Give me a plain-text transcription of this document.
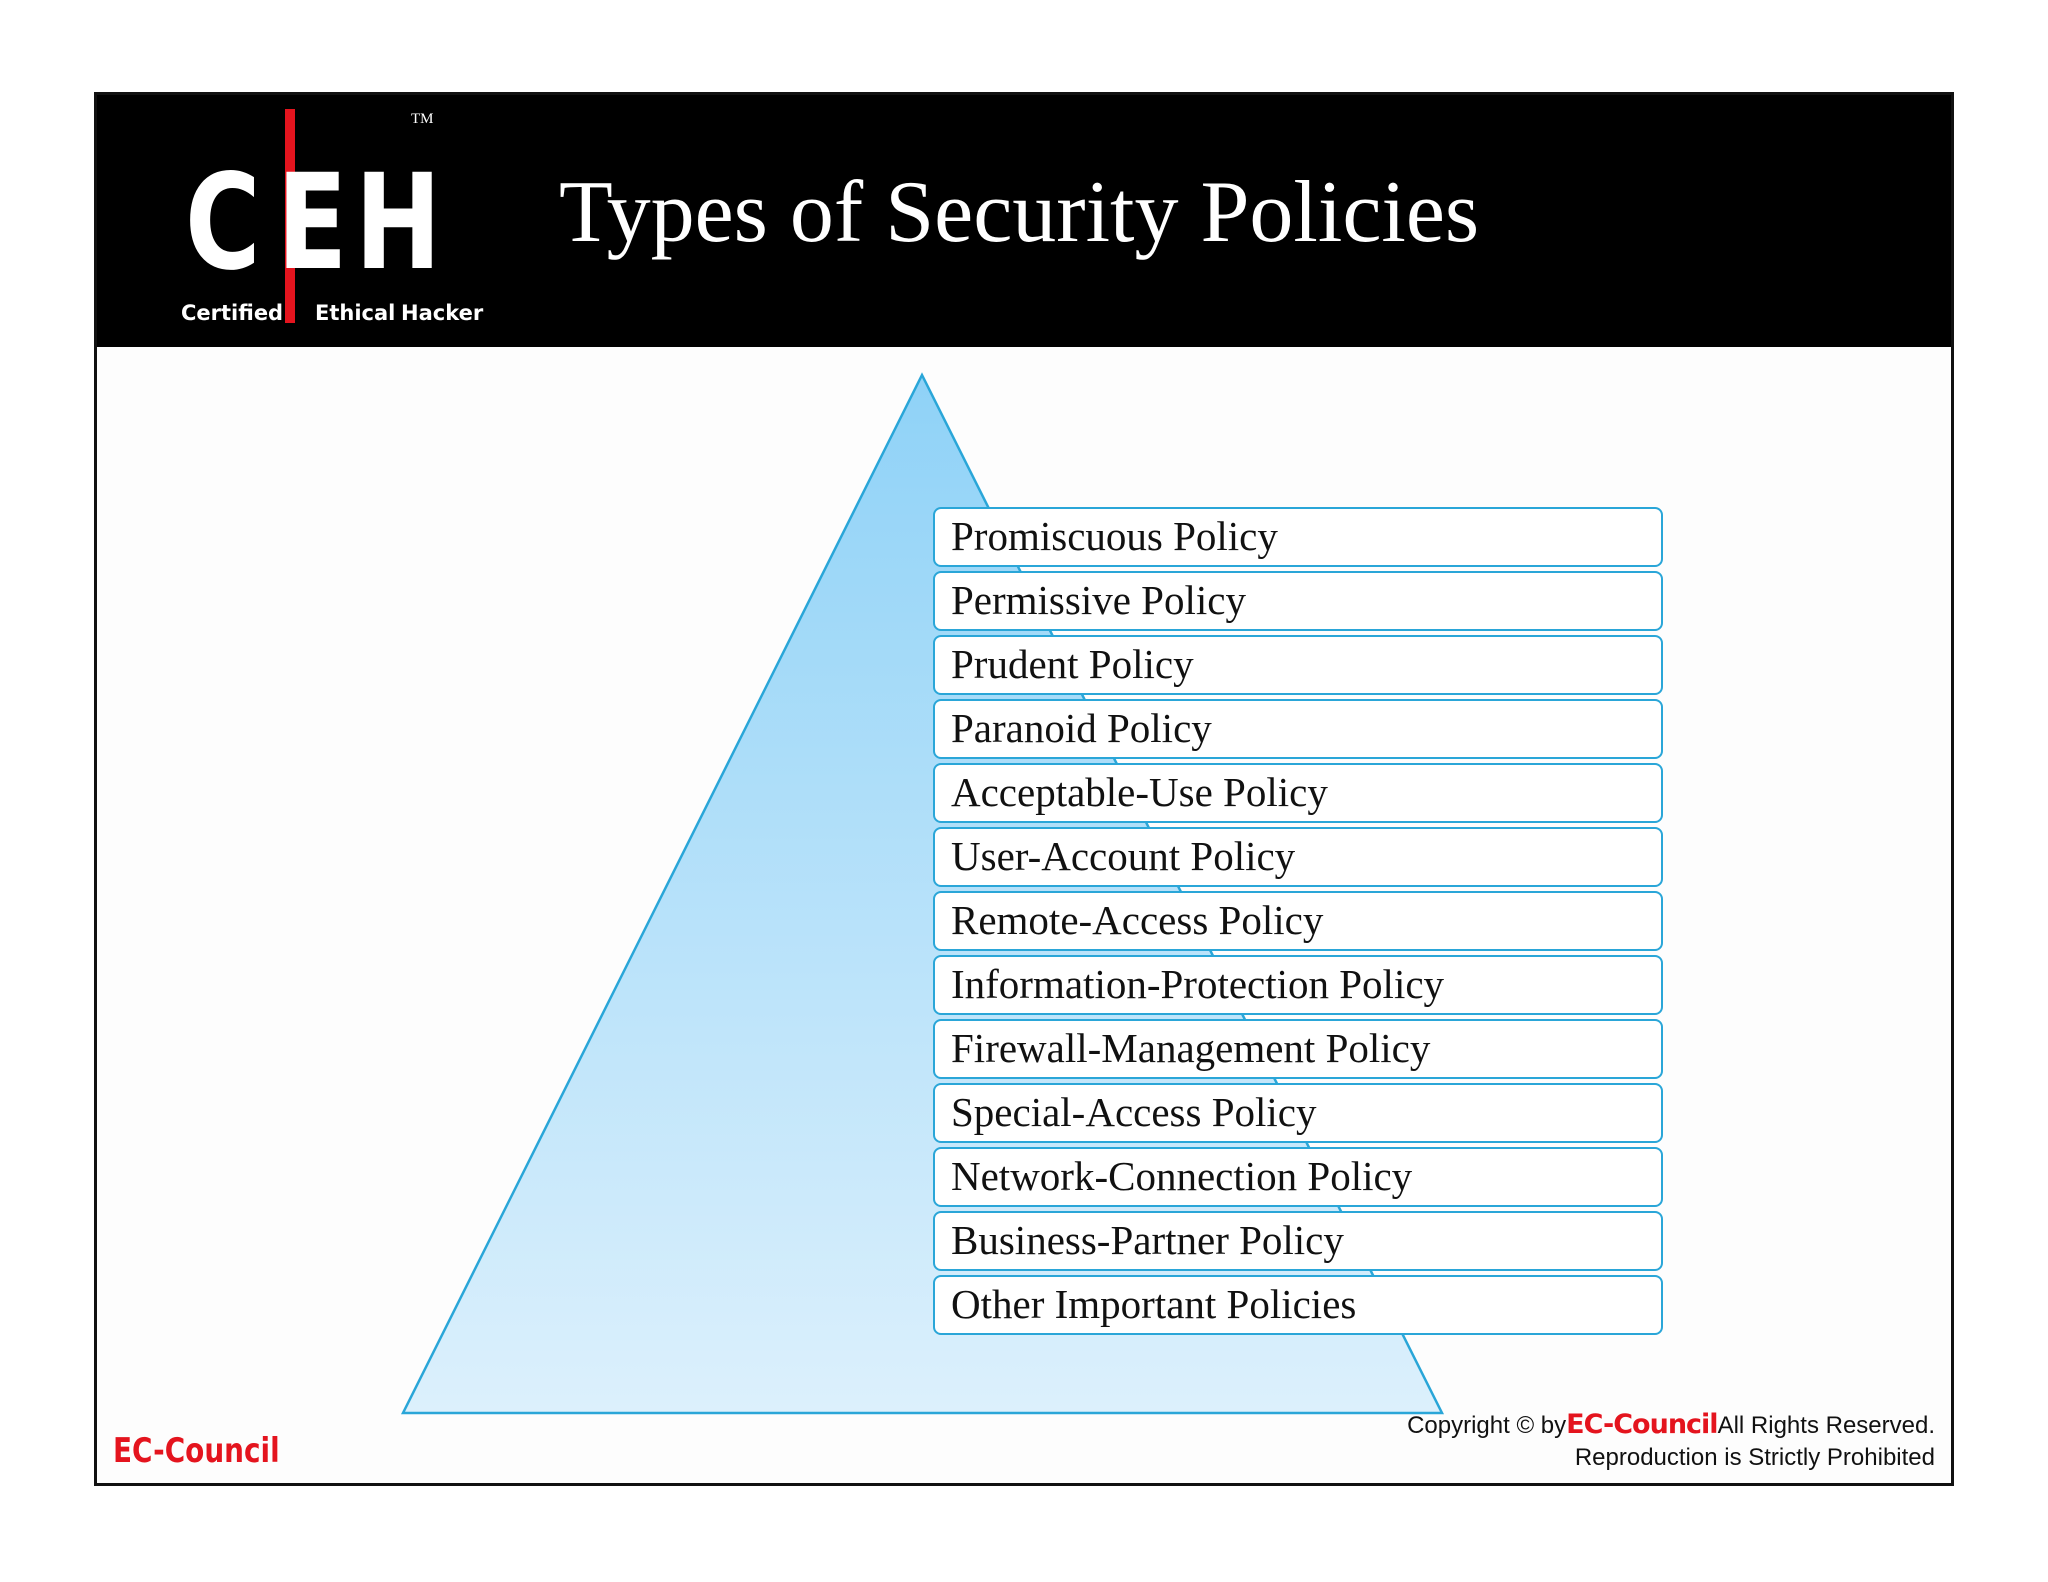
C E H
TM
Certified Ethical Hacker
Types of Security Policies
Promiscuous Policy
Permissive Policy
Prudent Policy
Paranoid Policy
Acceptable-Use Policy
User-Account Policy
Remote-Access Policy
Information-Protection Policy
Firewall-Management Policy
Special-Access Policy
Network-Connection Policy
Business-Partner Policy
Other Important Policies
EC-Council
Copyright © byEC-CouncilAll Rights Reserved.
Reproduction is Strictly Prohibited
